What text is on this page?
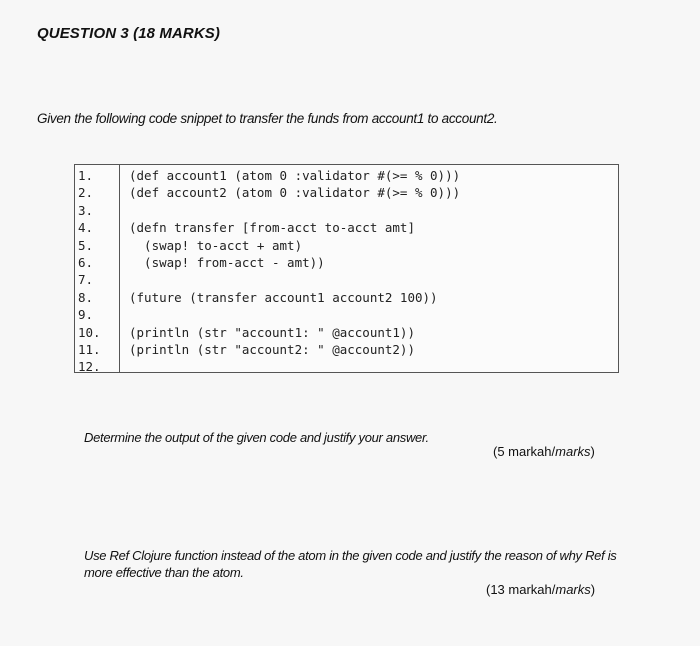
QUESTION 3 (18 MARKS)
Given the following code snippet to transfer the funds from account1 to account2.
1.
2.
3.
4.
5.
6.
7.
8.
9.
10.
11.
12.
(def account1 (atom 0 :validator #(>= % 0)))
(def account2 (atom 0 :validator #(>= % 0)))
(defn transfer [from-acct to-acct amt]
(swap! to-acct + amt)
(swap! from-acct - amt))
(future (transfer account1 account2 100))
(println (str "account1: " @account1))
(println (str "account2: " @account2))
Determine the output of the given code and justify your answer.
(5 markah/marks)
Use Ref Clojure function instead of the atom in the given code and justify the reason of why Ref is more effective than the atom.
(13 markah/marks)
